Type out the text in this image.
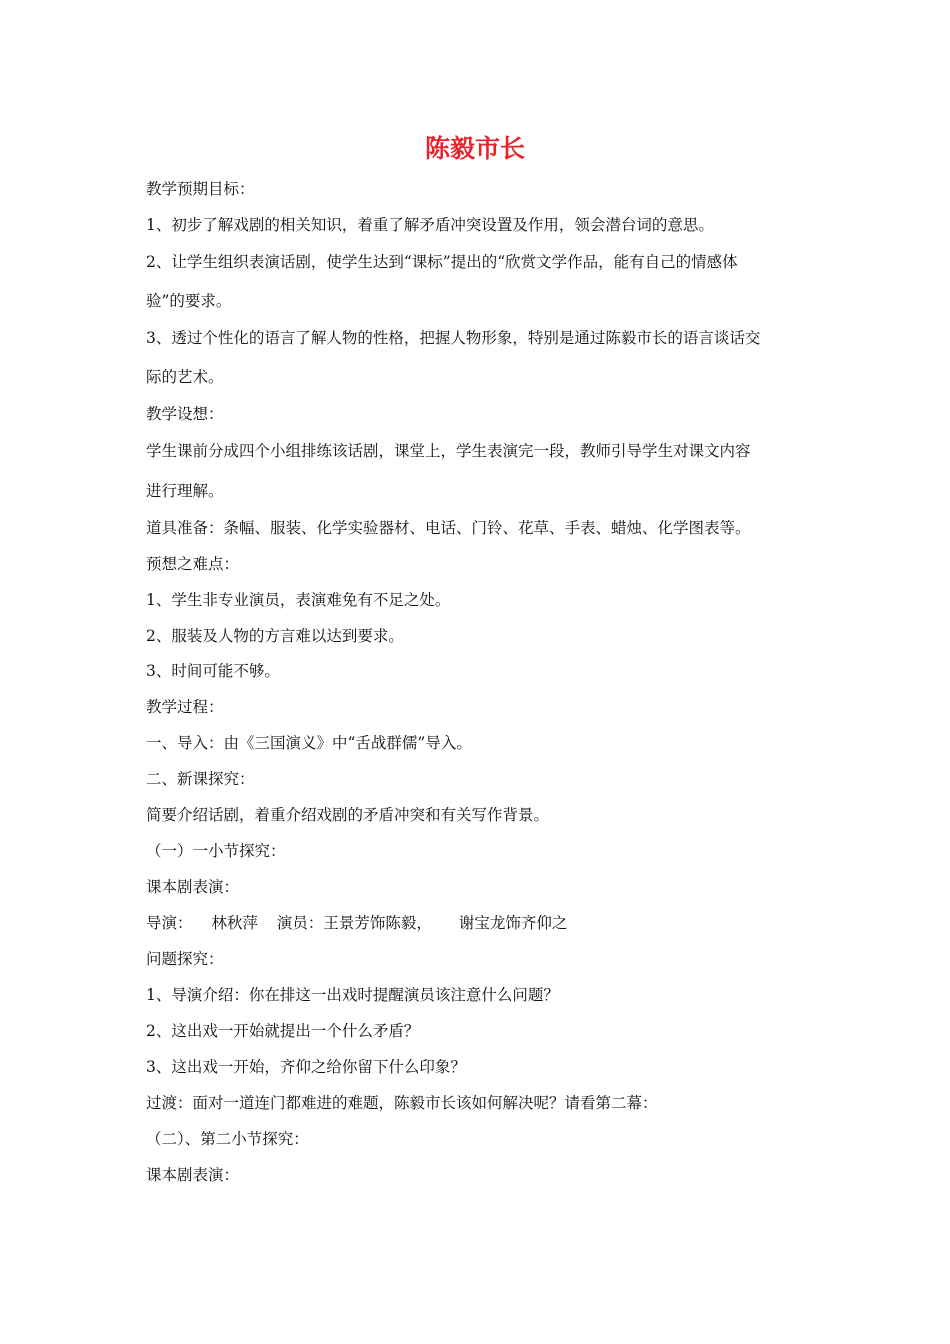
陈毅市长

教学预期目标：

1、初步了解戏剧的相关知识，着重了解矛盾冲突设置及作用，领会潜台词的意思。

2、让学生组织表演话剧，使学生达到“课标”提出的“欣赏文学作品，能有自己的情感体

验”的要求。

3、透过个性化的语言了解人物的性格，把握人物形象，特别是通过陈毅市长的语言谈话交

际的艺术。

教学设想：

学生课前分成四个小组排练该话剧，课堂上，学生表演完一段，教师引导学生对课文内容

进行理解。

道具准备：条幅、服装、化学实验器材、电话、门铃、花草、手表、蜡烛、化学图表等。

预想之难点：

1、学生非专业演员，表演难免有不足之处。

2、服装及人物的方言难以达到要求。

3、时间可能不够。

教学过程：

一、导入：由《三国演义》中“舌战群儒”导入。

二、新课探究：

简要介绍话剧，着重介绍戏剧的矛盾冲突和有关写作背景。

（一）一小节探究：

课本剧表演：

导演： 林秋萍 演员：王景芳饰陈毅， 谢宝龙饰齐仰之

问题探究：

1、导演介绍：你在排这一出戏时提醒演员该注意什么问题？

2、这出戏一开始就提出一个什么矛盾？

3、这出戏一开始，齐仰之给你留下什么印象？

过渡：面对一道连门都难进的难题，陈毅市长该如何解决呢？请看第二幕：

（二）、第二小节探究：

课本剧表演：
